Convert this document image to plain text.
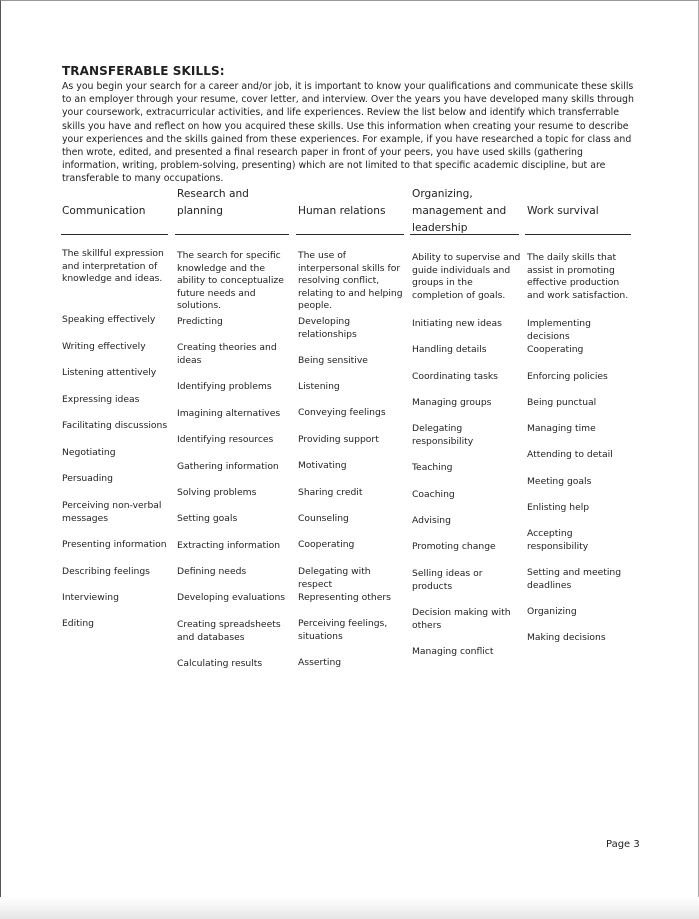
TRANSFERABLE SKILLS:

As you begin your search for a career and/or job, it is important to know your qualifications and communicate these skills to an employer through your resume, cover letter, and interview. Over the years you have developed many skills through your coursework, extracurricular activities, and life experiences. Review the list below and identify which transferrable skills you have and reflect on how you acquired these skills. Use this information when creating your resume to describe your experiences and the skills gained from these experiences. For example, if you have researched a topic for class and then wrote, edited, and presented a final research paper in front of your peers, you have used skills (gathering information, writing, problem-solving, presenting) which are not limited to that specific academic discipline, but are transferable to many occupations.

Communication
Research and planning	Human relations
Organizing, management and leadership
Work survival

The skillful expression and interpretation of knowledge and ideas.

Speaking effectively

Writing effectively

Listening attentively

Expressing ideas

Facilitating discussions

Negotiating

Persuading

Perceiving non-verbal messages

Presenting information

Describing feelings

Interviewing

Editing

The search for specific knowledge and the ability to conceptualize future needs and solutions.

Predicting

Creating theories and ideas

Identifying problems

Imagining alternatives

Identifying resources

Gathering information

Solving problems

Setting goals

Extracting information

Defining needs

Developing evaluations

Creating spreadsheets and databases

Calculating results

The use of interpersonal skills for resolving conflict, relating to and helping people.

Developing relationships

Being sensitive

Listening

Conveying feelings

Providing support

Motivating

Sharing credit

Counseling

Cooperating

Delegating with respect

Representing others

Perceiving feelings, situations

Asserting

Ability to supervise and guide individuals and groups in the completion of goals.

Initiating new ideas

Handling details

Coordinating tasks

Managing groups

Delegating responsibility

Teaching

Coaching

Advising

Promoting change

Selling ideas or products

Decision making with others

Managing conflict

The daily skills that assist in promoting effective production and work satisfaction.

Implementing decisions

Cooperating

Enforcing policies

Being punctual

Managing time

Attending to detail

Meeting goals

Enlisting help

Accepting responsibility

Setting and meeting deadlines

Organizing

Making decisions

Page 3
